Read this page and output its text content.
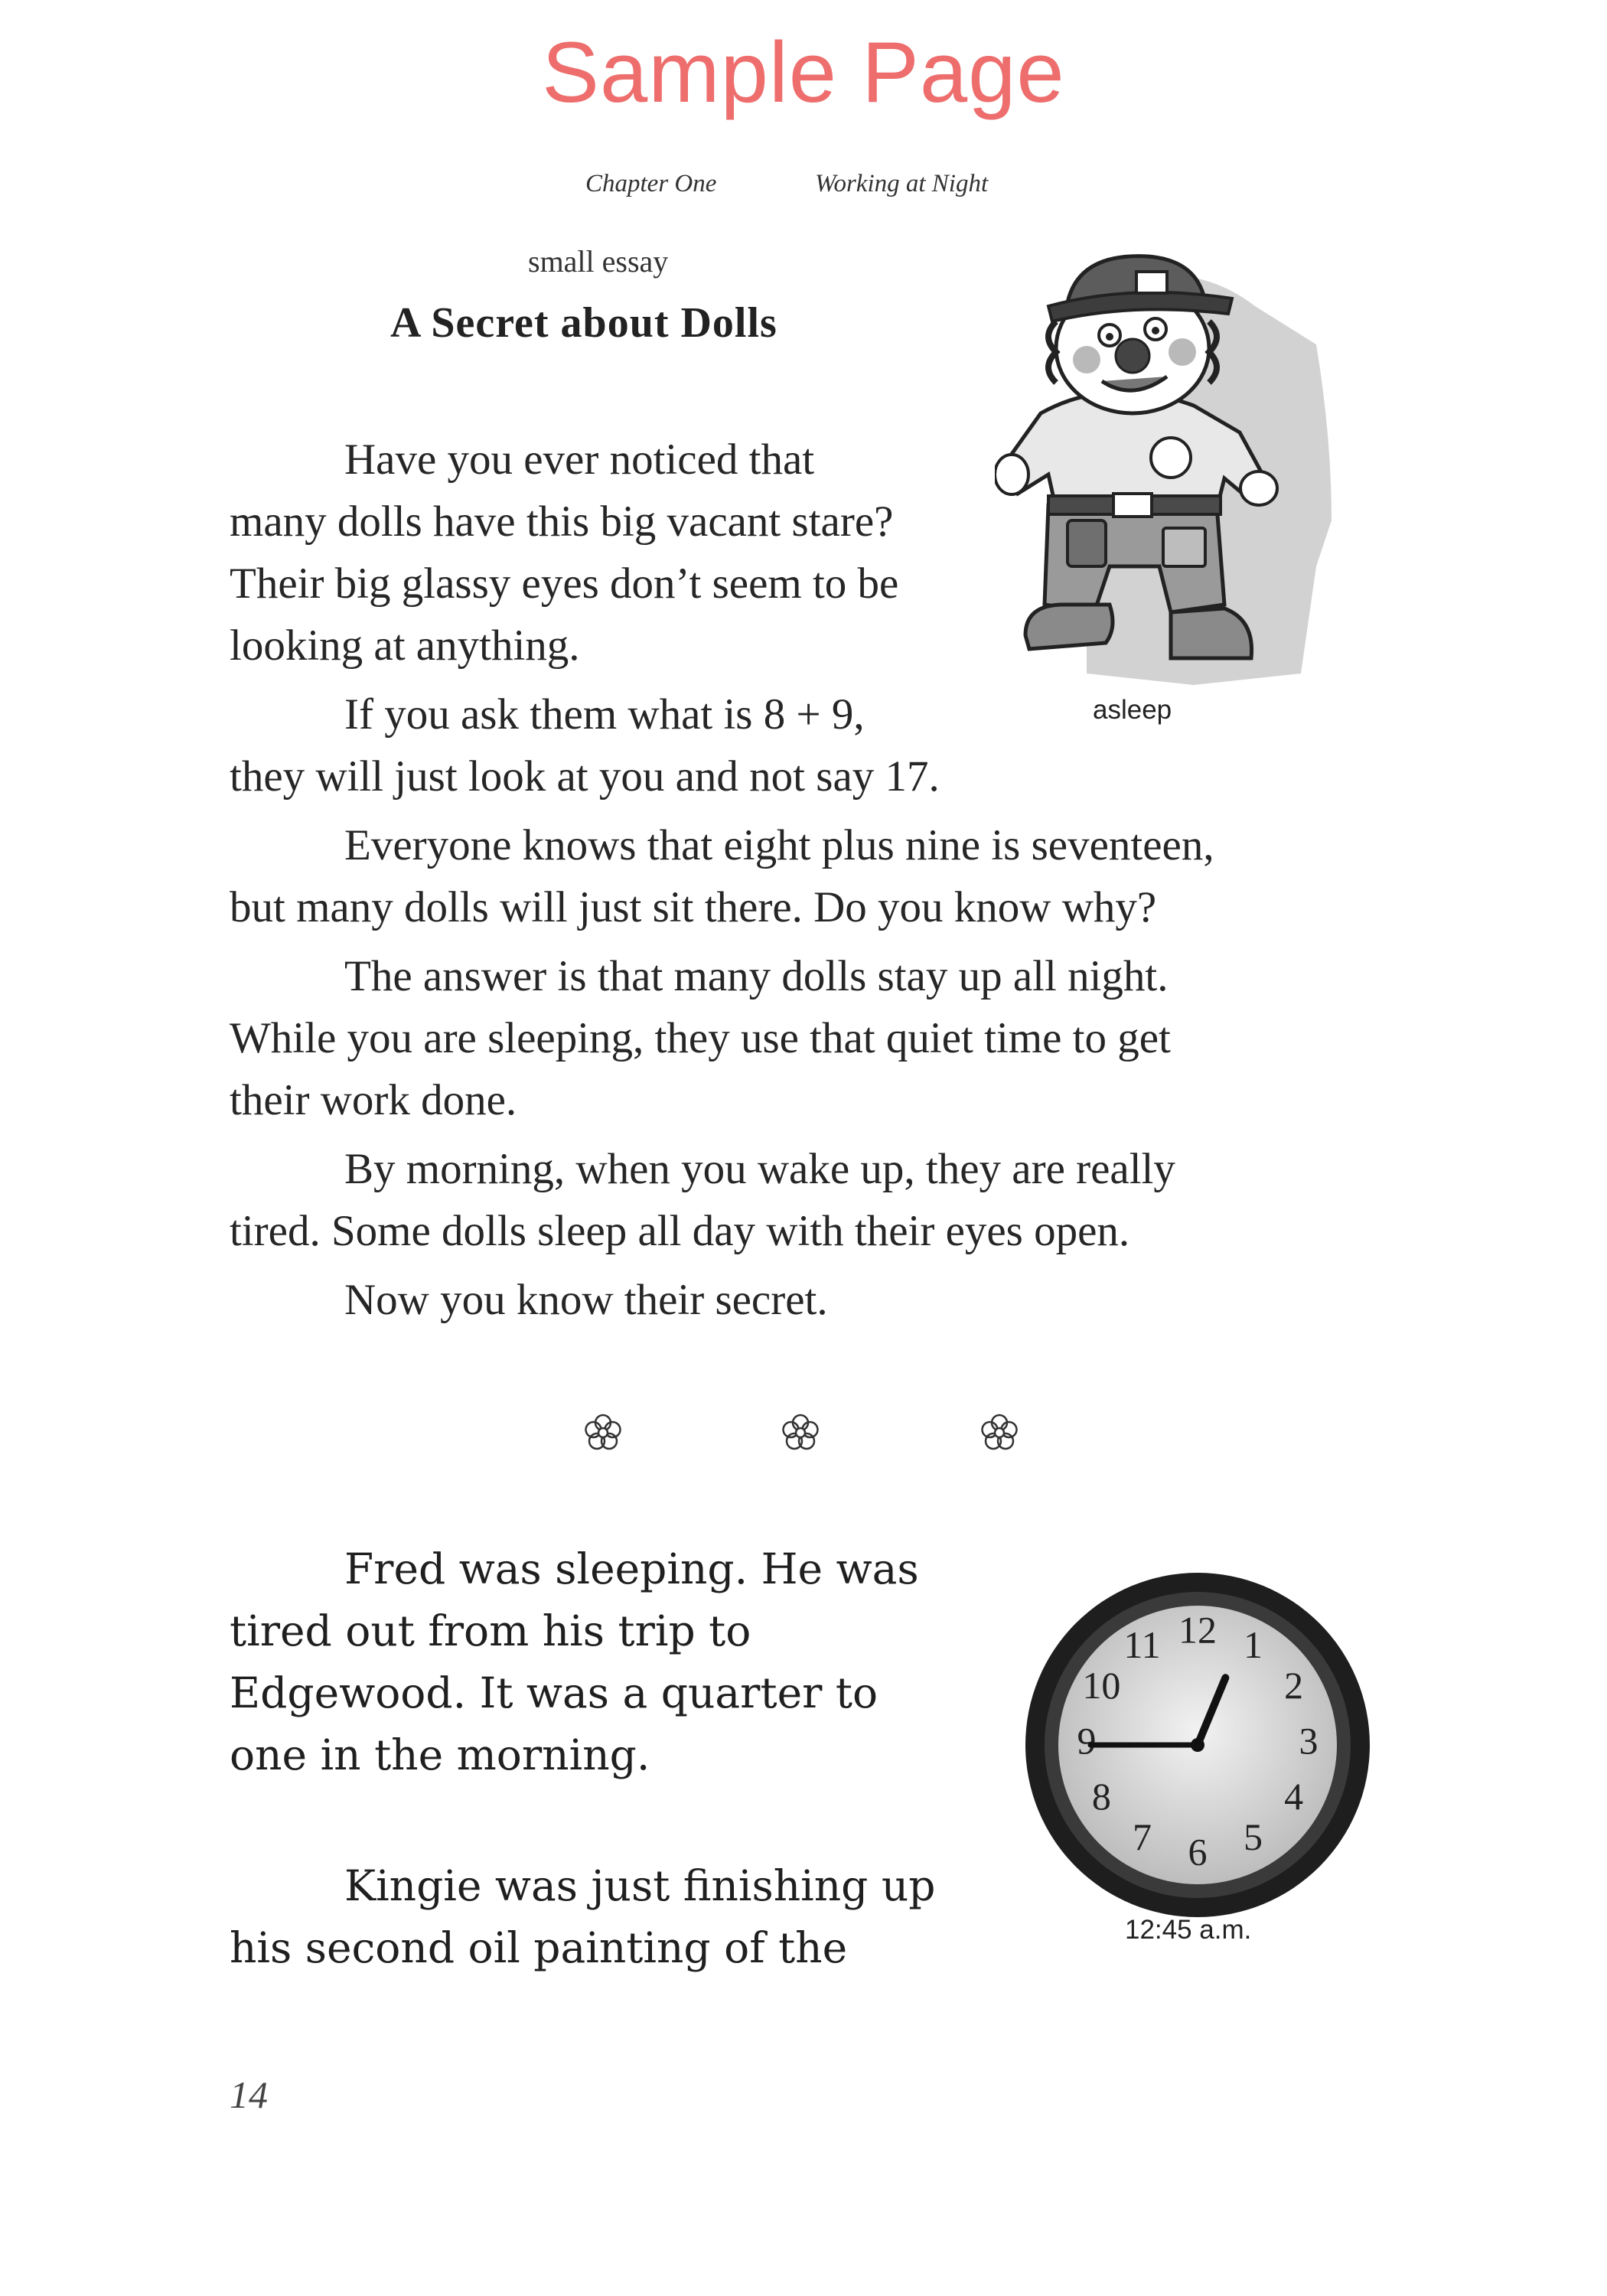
Sample Page
Chapter One	Working at Night
small essay
A Secret about Dolls
Have you ever noticed that
many dolls have this big vacant stare?
Their big glassy eyes don’t seem to be
looking at anything.
If you ask them what is 8 + 9,
they will just look at you and not say 17.
Everyone knows that eight plus nine is seventeen,
but many dolls will just sit there. Do you know why?
The answer is that many dolls stay up all night.
While you are sleeping, they use that quiet time to get
their work done.
By morning, when you wake up, they are really
tired. Some dolls sleep all day with their eyes open.
Now you know their secret.
asleep
Fred was sleeping. He was
tired out from his trip to
Edgewood. It was a quarter to
one in the morning.
Kingie was just finishing up
his second oil painting of the
12 1
2
3
4
5
6
7
8
9
10
11
12:45 a.m.
14
